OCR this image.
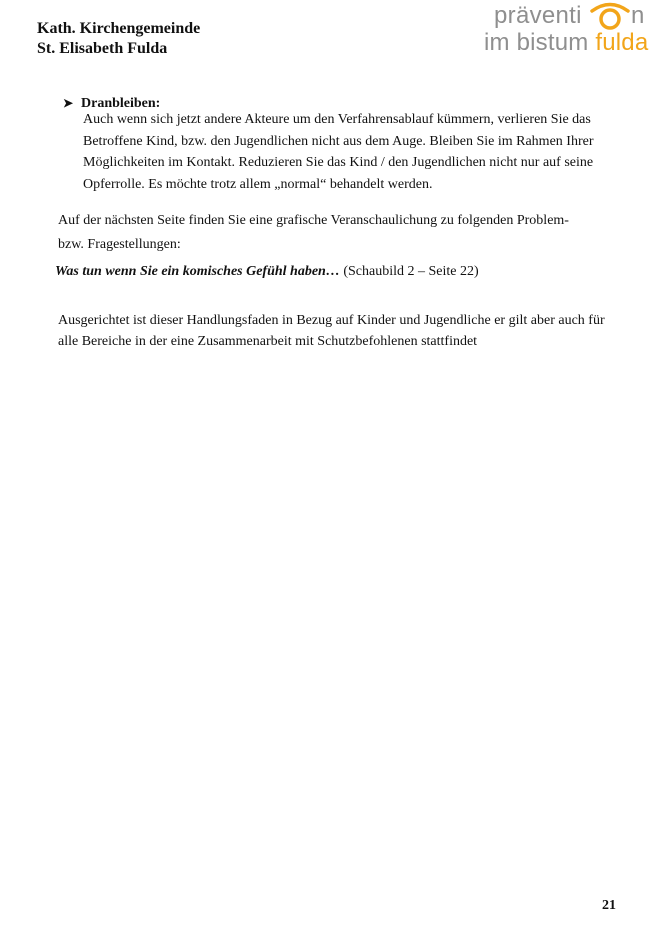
Kath. Kirchengemeinde
St. Elisabeth Fulda
präventi n
im bistum fulda
➤ Dranbleiben:
Auch wenn sich jetzt andere Akteure um den Verfahrensablauf kümmern, verlieren Sie das
Betroffene Kind, bzw. den Jugendlichen nicht aus dem Auge. Bleiben Sie im Rahmen Ihrer
Möglichkeiten im Kontakt. Reduzieren Sie das Kind / den Jugendlichen nicht nur auf seine
Opferrolle. Es möchte trotz allem „normal“ behandelt werden.
Auf der nächsten Seite finden Sie eine grafische Veranschaulichung zu folgenden Problem-
bzw. Fragestellungen:
Was tun wenn Sie ein komisches Gefühl haben… (Schaubild 2 – Seite 22)
Ausgerichtet ist dieser Handlungsfaden in Bezug auf Kinder und Jugendliche er gilt aber auch für
alle Bereiche in der eine Zusammenarbeit mit Schutzbefohlenen stattfindet
21
